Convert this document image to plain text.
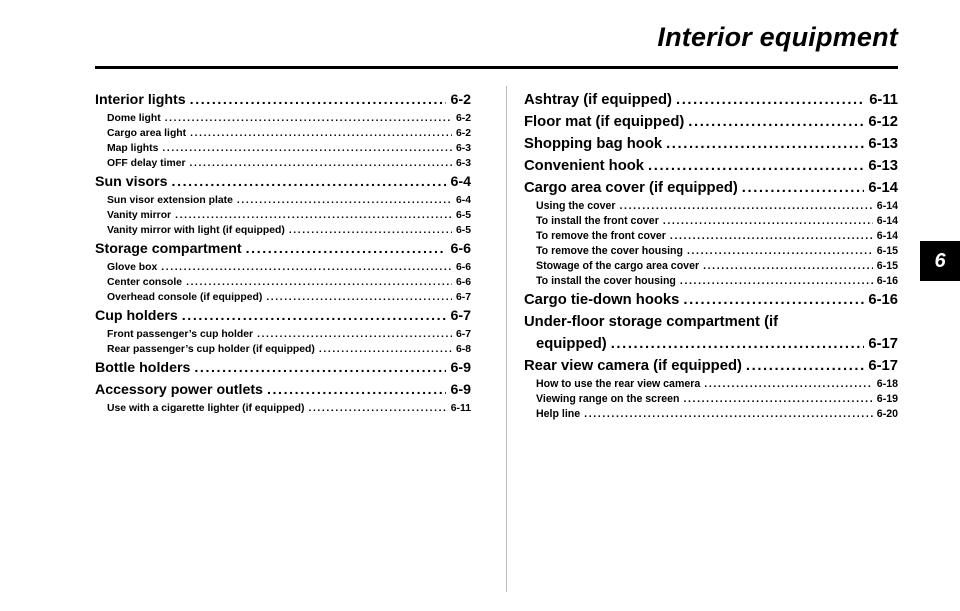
Interior equipment
6
Interior lights .....	6-2
Dome light .....	6-2
Cargo area light .....	6-2
Map lights .....	6-3
OFF delay timer .....	6-3
Sun visors .....	6-4
Sun visor extension plate .....	6-4
Vanity mirror .....	6-5
Vanity mirror with light (if equipped) .....	6-5
Storage compartment .....	6-6
Glove box .....	6-6
Center console .....	6-6
Overhead console (if equipped) .....	6-7
Cup holders .....	6-7
Front passenger’s cup holder .....	6-7
Rear passenger’s cup holder (if equipped) .....	6-8
Bottle holders .....	6-9
Accessory power outlets .....	6-9
Use with a cigarette lighter (if equipped) .....	6-11
Ashtray (if equipped) .....	6-11
Floor mat (if equipped) .....	6-12
Shopping bag hook .....	6-13
Convenient hook .....	6-13
Cargo area cover (if equipped) .....	6-14
Using the cover .....	6-14
To install the front cover .....	6-14
To remove the front cover .....	6-14
To remove the cover housing .....	6-15
Stowage of the cargo area cover .....	6-15
To install the cover housing .....	6-16
Cargo tie-down hooks .....	6-16
Under-floor storage compartment (if
equipped) .....	6-17
Rear view camera (if equipped) .....	6-17
How to use the rear view camera .....	6-18
Viewing range on the screen .....	6-19
Help line .....	6-20
